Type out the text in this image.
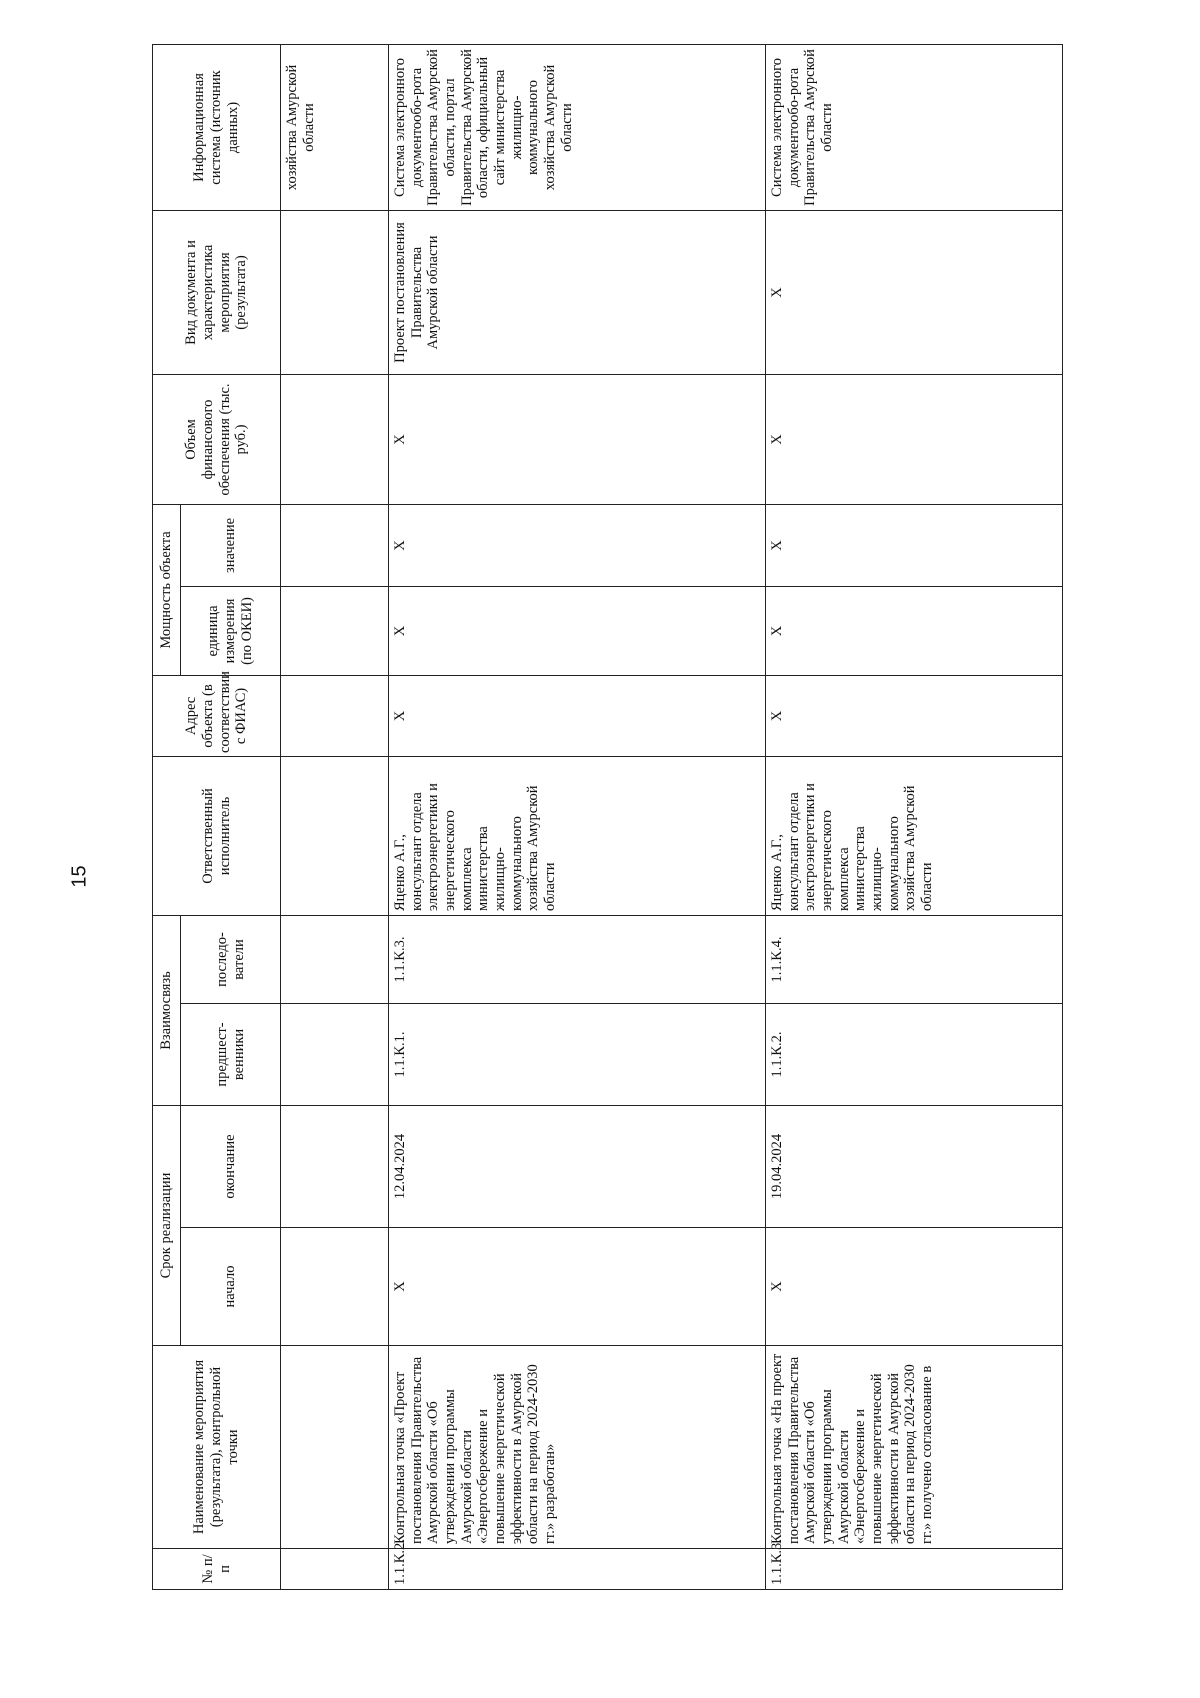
15
№ п/п	Наименование мероприятия (результата), контрольной точки	Срок реализации		Взаимосвязь		Ответственный исполнитель	Адрес объекта (в соответствии с ФИАС)	Мощность объекта		Объем финансового обеспечения (тыс. руб.)	Вид документа и характеристика мероприятия (результата)	Информационная система (источник данных)
		начало	окончание	предшест-венники	последо-ватели			единица измерения (по ОКЕИ)	значение			
												хозяйства Амурской области
1.1.К.2.	Контрольная точка «Проект постановления Правительства Амурской области «Об утверждении программы Амурской области «Энергосбережение и повышение энергетической эффективности в Амурской области на период 2024-2030 гг.» разработан»	X	12.04.2024	1.1.К.1.	1.1.К.3.	Яценко А.Г., консультант отдела электроэнергетики и энергетического комплекса министерства жилищно-коммунального хозяйства Амурской области	X	X	X	X	Проект постановления Правительства Амурской области	Система электронного документообо-рота Правительства Амурской области, портал Правительства Амурской области, официальный сайт министерства жилищно-коммунального хозяйства Амурской области
1.1.К.3.	Контрольная точка «На проект постановления Правительства Амурской области «Об утверждении программы Амурской области «Энергосбережение и повышение энергетической эффективности в Амурской области на период 2024-2030 гг.» получено согласование в	X	19.04.2024	1.1.К.2.	1.1.К.4.	Яценко А.Г., консультант отдела электроэнергетики и энергетического комплекса министерства жилищно-коммунального хозяйства Амурской области	X	X	X	X	X	Система электронного документообо-рота Правительства Амурской области
